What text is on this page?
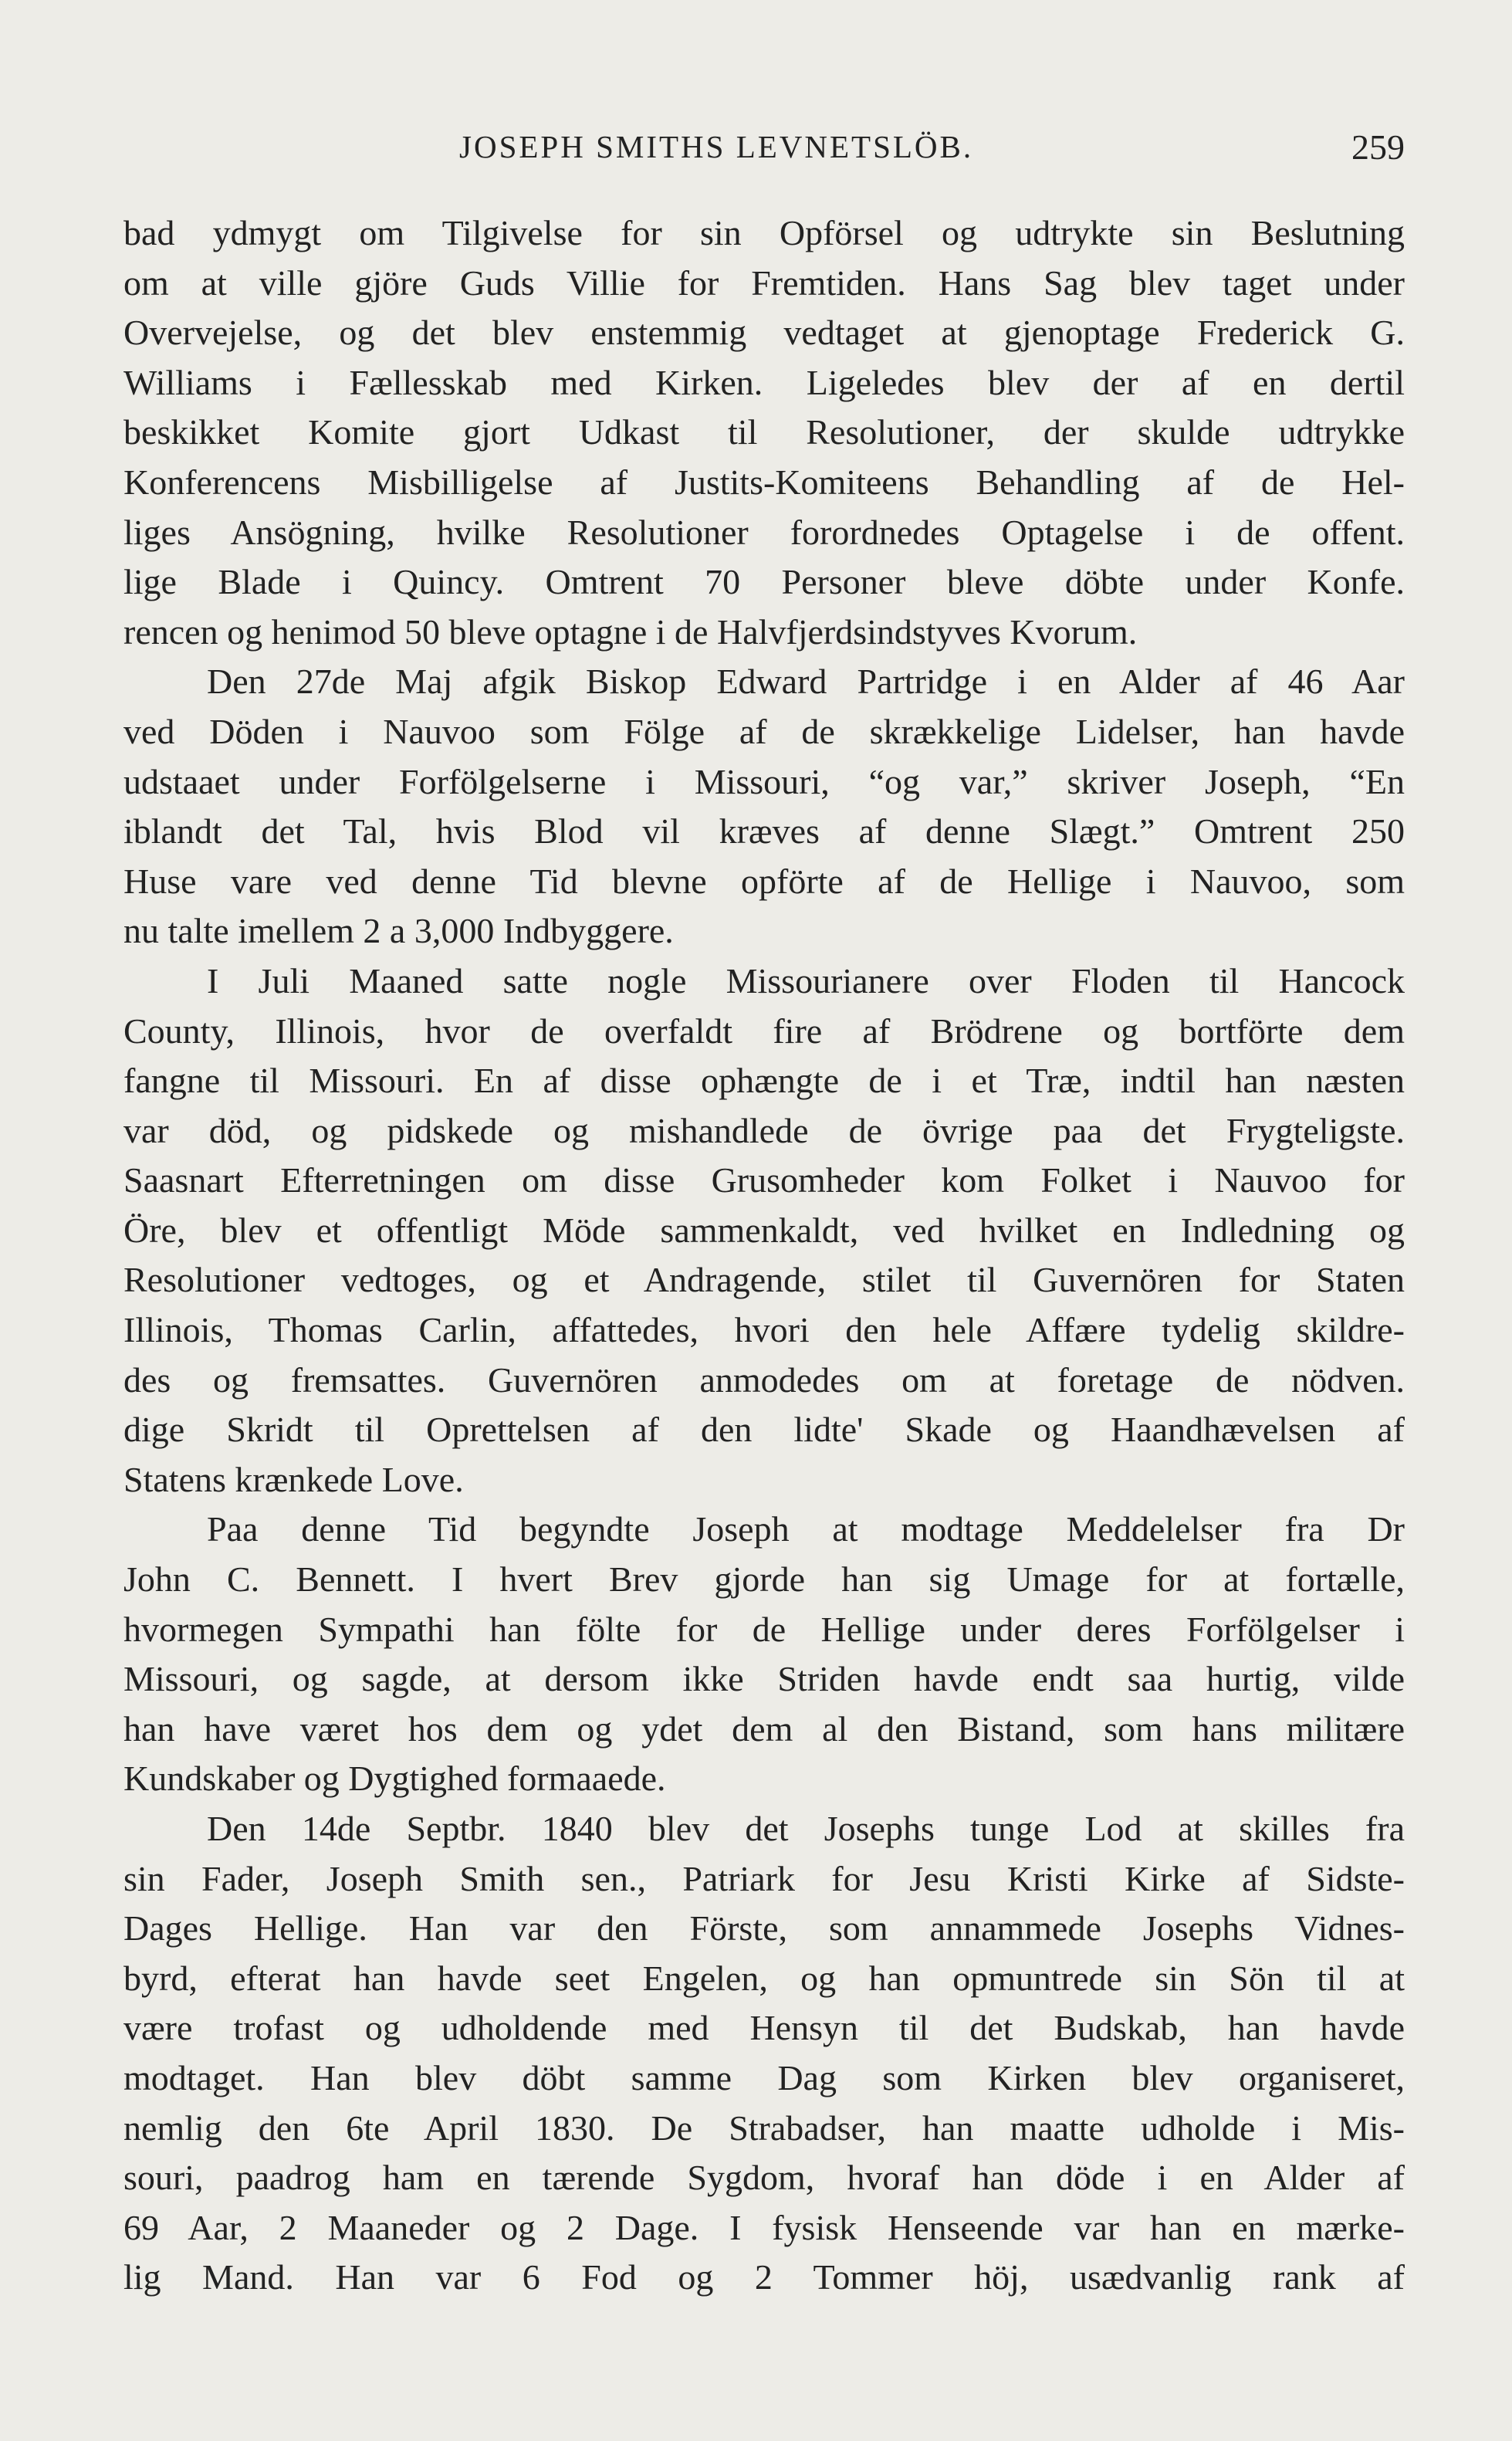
JOSEPH SMITHS LEVNETSLÖB.	259
bad ydmygt om Tilgivelse for sin Opförsel og udtrykte sin Beslutning
om at ville gjöre Guds Villie for Fremtiden. Hans Sag blev taget under
Overvejelse, og det blev enstemmig vedtaget at gjenoptage Frederick G.
Williams i Fællesskab med Kirken. Ligeledes blev der af en dertil
beskikket Komite gjort Udkast til Resolutioner, der skulde udtrykke
Konferencens Misbilligelse af Justits-Komiteens Behandling af de Hel-
liges Ansögning, hvilke Resolutioner forordnedes Optagelse i de offent.
lige Blade i Quincy. Omtrent 70 Personer bleve döbte under Konfe.
rencen og henimod 50 bleve optagne i de Halvfjerdsindstyves Kvorum.
Den 27de Maj afgik Biskop Edward Partridge i en Alder af 46 Aar
ved Döden i Nauvoo som Fölge af de skrækkelige Lidelser, han havde
udstaaet under Forfölgelserne i Missouri, “og var,” skriver Joseph, “En
iblandt det Tal, hvis Blod vil kræves af denne Slægt.” Omtrent 250
Huse vare ved denne Tid blevne opförte af de Hellige i Nauvoo, som
nu talte imellem 2 a 3,000 Indbyggere.
I Juli Maaned satte nogle Missourianere over Floden til Hancock
County, Illinois, hvor de overfaldt fire af Brödrene og bortförte dem
fangne til Missouri. En af disse ophængte de i et Træ, indtil han næsten
var död, og pidskede og mishandlede de övrige paa det Frygteligste.
Saasnart Efterretningen om disse Grusomheder kom Folket i Nauvoo for
Öre, blev et offentligt Möde sammenkaldt, ved hvilket en Indledning og
Resolutioner vedtoges, og et Andragende, stilet til Guvernören for Staten
Illinois, Thomas Carlin, affattedes, hvori den hele Affære tydelig skildre-
des og fremsattes. Guvernören anmodedes om at foretage de nödven.
dige Skridt til Oprettelsen af den lidte' Skade og Haandhævelsen af
Statens krænkede Love.
Paa denne Tid begyndte Joseph at modtage Meddelelser fra Dr
John C. Bennett. I hvert Brev gjorde han sig Umage for at fortælle,
hvormegen Sympathi han fölte for de Hellige under deres Forfölgelser i
Missouri, og sagde, at dersom ikke Striden havde endt saa hurtig, vilde
han have været hos dem og ydet dem al den Bistand, som hans militære
Kundskaber og Dygtighed formaaede.
Den 14de Septbr. 1840 blev det Josephs tunge Lod at skilles fra
sin Fader, Joseph Smith sen., Patriark for Jesu Kristi Kirke af Sidste-
Dages Hellige. Han var den Förste, som annammede Josephs Vidnes-
byrd, efterat han havde seet Engelen, og han opmuntrede sin Sön til at
være trofast og udholdende med Hensyn til det Budskab, han havde
modtaget. Han blev döbt samme Dag som Kirken blev organiseret,
nemlig den 6te April 1830. De Strabadser, han maatte udholde i Mis-
souri, paadrog ham en tærende Sygdom, hvoraf han döde i en Alder af
69 Aar, 2 Maaneder og 2 Dage. I fysisk Henseende var han en mærke-
lig Mand. Han var 6 Fod og 2 Tommer höj, usædvanlig rank af
